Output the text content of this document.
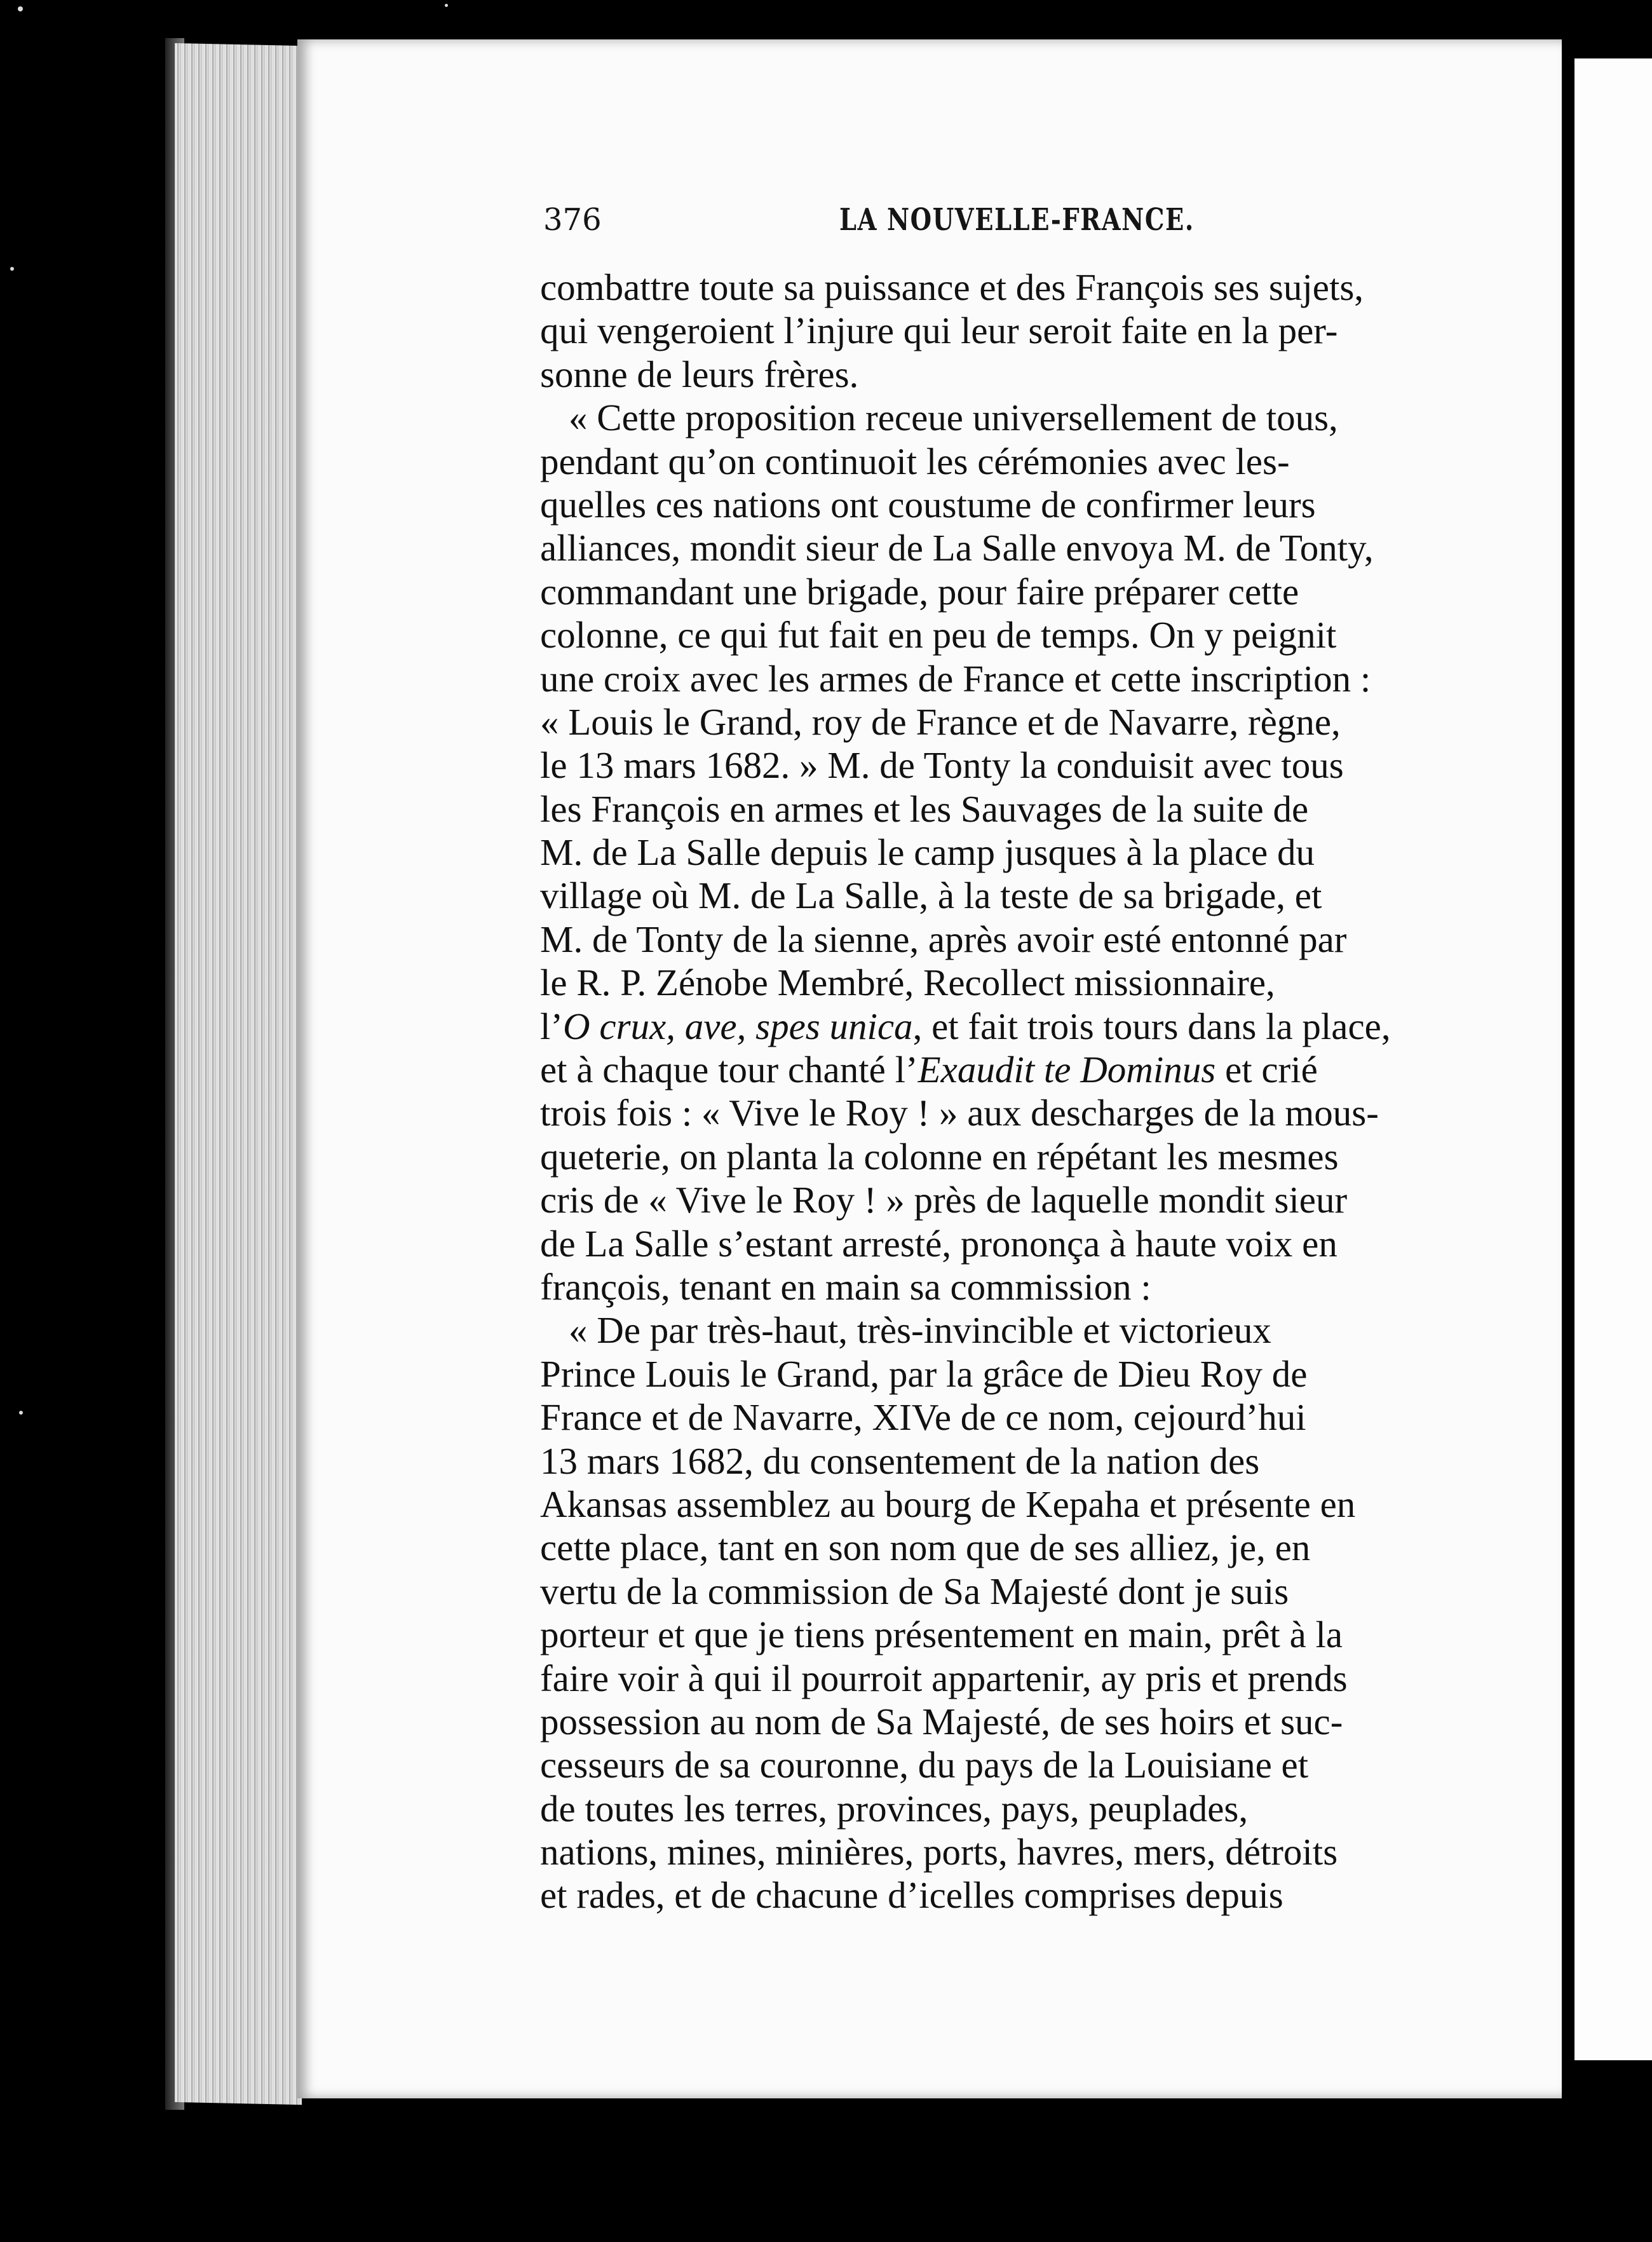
376	LA NOUVELLE-FRANCE.
combattre toute sa puissance et des François ses sujets,
qui vengeroient l’injure qui leur seroit faite en la per-
sonne de leurs frères.
« Cette proposition receue universellement de tous,
pendant qu’on continuoit les cérémonies avec les-
quelles ces nations ont coustume de confirmer leurs
alliances, mondit sieur de La Salle envoya M. de Tonty,
commandant une brigade, pour faire préparer cette
colonne, ce qui fut fait en peu de temps. On y peignit
une croix avec les armes de France et cette inscription :
« Louis le Grand, roy de France et de Navarre, règne,
le 13 mars 1682. » M. de Tonty la conduisit avec tous
les François en armes et les Sauvages de la suite de
M. de La Salle depuis le camp jusques à la place du
village où M. de La Salle, à la teste de sa brigade, et
M. de Tonty de la sienne, après avoir esté entonné par
le R. P. Zénobe Membré, Recollect missionnaire,
l’O crux, ave, spes unica, et fait trois tours dans la place,
et à chaque tour chanté l’Exaudit te Dominus et crié
trois fois : « Vive le Roy ! » aux descharges de la mous-
queterie, on planta la colonne en répétant les mesmes
cris de « Vive le Roy ! » près de laquelle mondit sieur
de La Salle s’estant arresté, prononça à haute voix en
françois, tenant en main sa commission :
« De par très-haut, très-invincible et victorieux
Prince Louis le Grand, par la grâce de Dieu Roy de
France et de Navarre, XIVe de ce nom, cejourd’hui
13 mars 1682, du consentement de la nation des
Akansas assemblez au bourg de Kepaha et présente en
cette place, tant en son nom que de ses alliez, je, en
vertu de la commission de Sa Majesté dont je suis
porteur et que je tiens présentement en main, prêt à la
faire voir à qui il pourroit appartenir, ay pris et prends
possession au nom de Sa Majesté, de ses hoirs et suc-
cesseurs de sa couronne, du pays de la Louisiane et
de toutes les terres, provinces, pays, peuplades,
nations, mines, minières, ports, havres, mers, détroits
et rades, et de chacune d’icelles comprises depuis
